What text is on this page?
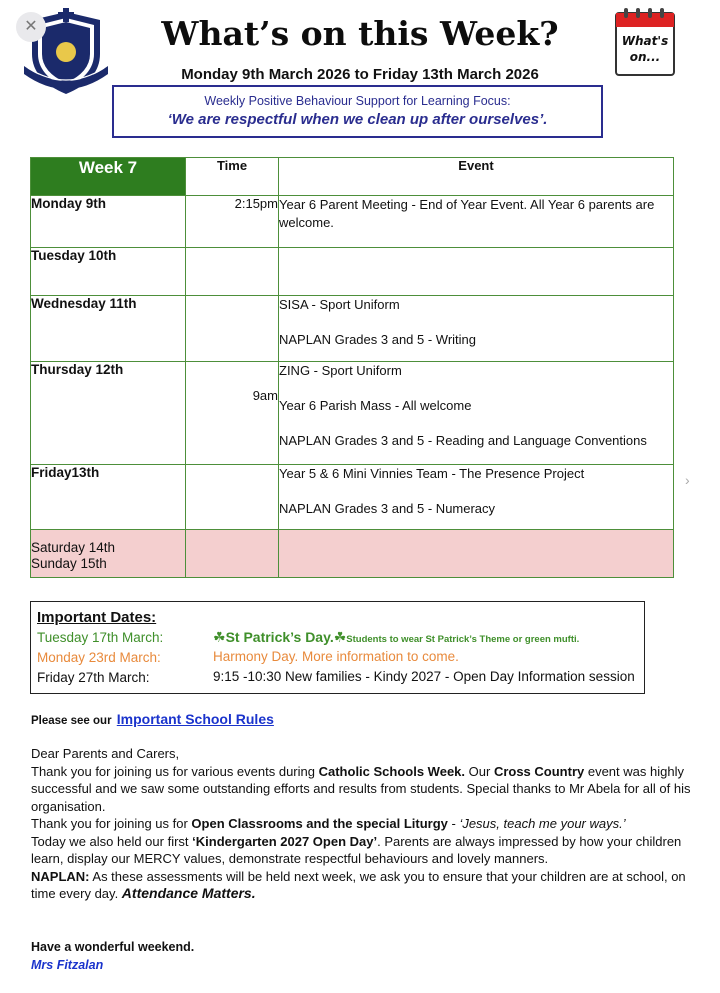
✕	What’s on this Week?
Monday 9th March 2026 to Friday 13th March 2026
What's
on...
Weekly Positive Behaviour Support for Learning Focus:
‘We are respectful when we clean up after ourselves’.
Week 7	Time	Event
Monday 9th	2:15pm	Year 6 Parent Meeting - End of Year Event. All Year 6 parents are welcome.

Tuesday 10th		
Wednesday 11th		SISA - Sport Uniform

NAPLAN Grades 3 and 5 - Writing

Thursday 12th	9am	ZING - Sport Uniform

Year 6 Parish Mass - All welcome

NAPLAN Grades 3 and 5 - Reading and Language Conventions

Friday13th		Year 5 & 6 Mini Vinnies Team - The Presence Project

NAPLAN Grades 3 and 5 - Numeracy

Saturday 14th
Sunday 15th		

›
Important Dates:
Tuesday 17th March:	☘St Patrick’s Day.☘Students to wear St Patrick’s Theme or green mufti.
Monday 23rd March:	Harmony Day. More information to come.
Friday 27th March:	9:15 -10:30 New families - Kindy 2027 - Open Day Information session
Please see our Important School Rules

Dear Parents and Carers,

Thank you for joining us for various events during Catholic Schools Week. Our Cross Country event was highly successful and we saw some outstanding efforts and results from students. Special thanks to Mr Abela for all of his organisation.

Thank you for joining us for Open Classrooms and the special Liturgy - ‘Jesus, teach me your ways.’

Today we also held our first ‘Kindergarten 2027 Open Day’. Parents are always impressed by how your children learn, display our MERCY values, demonstrate respectful behaviours and lovely manners.

NAPLAN: As these assessments will be held next week, we ask you to ensure that your children are at school, on time every day. Attendance Matters.

Have a wonderful weekend.
Mrs Fitzalan
